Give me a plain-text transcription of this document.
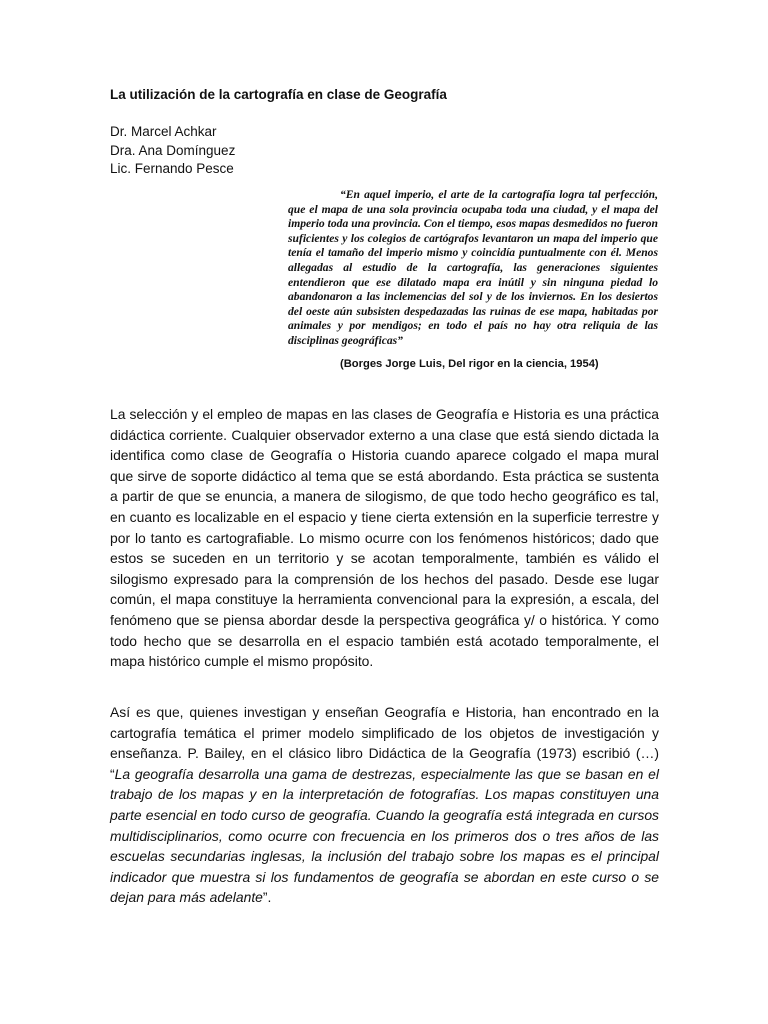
La utilización de la cartografía en clase de Geografía
Dr. Marcel Achkar
Dra. Ana Domínguez
Lic. Fernando Pesce

“En aquel imperio, el arte de la cartografía logra tal perfección, que el mapa de una sola provincia ocupaba toda una ciudad, y el mapa del imperio toda una provincia. Con el tiempo, esos mapas desmedidos no fueron suficientes y los colegios de cartógrafos levantaron un mapa del imperio que tenía el tamaño del imperio mismo y coincidía puntualmente con él. Menos allegadas al estudio de la cartografía, las generaciones siguientes entendieron que ese dilatado mapa era inútil y sin ninguna piedad lo abandonaron a las inclemencias del sol y de los inviernos. En los desiertos del oeste aún subsisten despedazadas las ruinas de ese mapa, habitadas por animales y por mendigos; en todo el país no hay otra reliquia de las disciplinas geográficas”

(Borges Jorge Luis, Del rigor en la ciencia, 1954)

La selección y el empleo de mapas en las clases de Geografía e Historia es una práctica didáctica corriente. Cualquier observador externo a una clase que está siendo dictada la identifica como clase de Geografía o Historia cuando aparece colgado el mapa mural que sirve de soporte didáctico al tema que se está abordando. Esta práctica se sustenta a partir de que se enuncia, a manera de silogismo, de que todo hecho geográfico es tal, en cuanto es localizable en el espacio y tiene cierta extensión en la superficie terrestre y por lo tanto es cartografiable. Lo mismo ocurre con los fenómenos históricos; dado que estos se suceden en un territorio y se acotan temporalmente, también es válido el silogismo expresado para la comprensión de los hechos del pasado. Desde ese lugar común, el mapa constituye la herramienta convencional para la expresión, a escala, del fenómeno que se piensa abordar desde la perspectiva geográfica y/ o histórica. Y como todo hecho que se desarrolla en el espacio también está acotado temporalmente, el mapa histórico cumple el mismo propósito.

Así es que, quienes investigan y enseñan Geografía e Historia, han encontrado en la cartografía temática el primer modelo simplificado de los objetos de investigación y enseñanza. P. Bailey, en el clásico libro Didáctica de la Geografía (1973) escribió (…) “La geografía desarrolla una gama de destrezas, especialmente las que se basan en el trabajo de los mapas y en la interpretación de fotografías. Los mapas constituyen una parte esencial en todo curso de geografía. Cuando la geografía está integrada en cursos multidisciplinarios, como ocurre con frecuencia en los primeros dos o tres años de las escuelas secundarias inglesas, la inclusión del trabajo sobre los mapas es el principal indicador que muestra si los fundamentos de geografía se abordan en este curso o se dejan para más adelante”.
